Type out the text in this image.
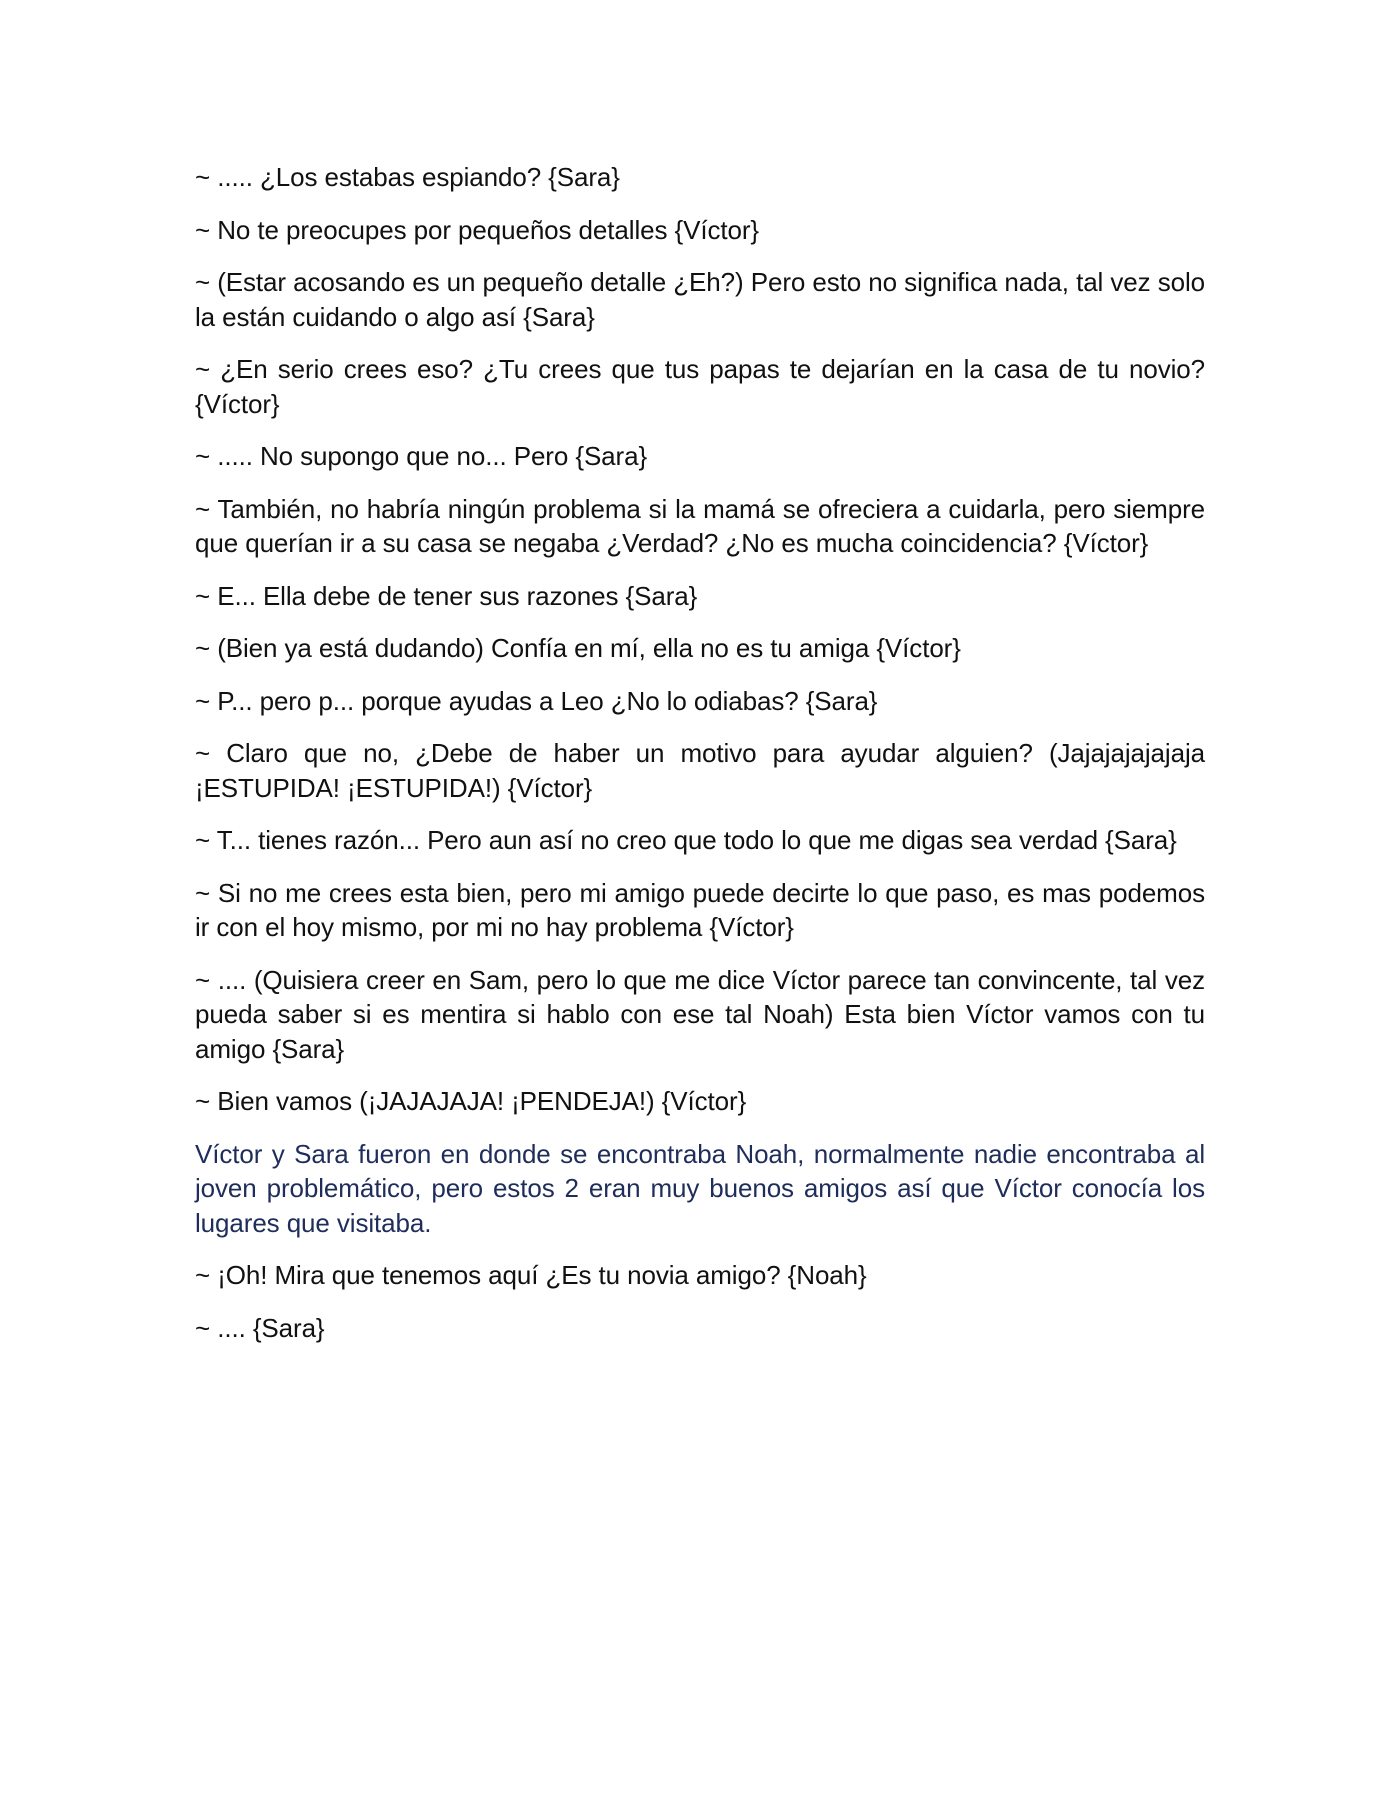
~ ..... ¿Los estabas espiando? {Sara}

~ No te preocupes por pequeños detalles {Víctor}

~ (Estar acosando es un pequeño detalle ¿Eh?) Pero esto no significa nada, tal vez solo la están cuidando o algo así {Sara}

~ ¿En serio crees eso? ¿Tu crees que tus papas te dejarían en la casa de tu novio? {Víctor}

~ ..... No supongo que no... Pero {Sara}

~ También, no habría ningún problema si la mamá se ofreciera a cuidarla, pero siempre que querían ir a su casa se negaba ¿Verdad? ¿No es mucha coincidencia? {Víctor}

~ E... Ella debe de tener sus razones {Sara}

~ (Bien ya está dudando) Confía en mí, ella no es tu amiga {Víctor}

~ P... pero p... porque ayudas a Leo ¿No lo odiabas? {Sara}

~ Claro que no, ¿Debe de haber un motivo para ayudar alguien? (Jajajajajajaja ¡ESTUPIDA! ¡ESTUPIDA!) {Víctor}

~ T... tienes razón... Pero aun así no creo que todo lo que me digas sea verdad {Sara}

~ Si no me crees esta bien, pero mi amigo puede decirte lo que paso, es mas podemos ir con el hoy mismo, por mi no hay problema {Víctor}

~ .... (Quisiera creer en Sam, pero lo que me dice Víctor parece tan convincente, tal vez pueda saber si es mentira si hablo con ese tal Noah) Esta bien Víctor vamos con tu amigo {Sara}

~ Bien vamos (¡JAJAJAJA! ¡PENDEJA!) {Víctor}

Víctor y Sara fueron en donde se encontraba Noah, normalmente nadie encontraba al joven problemático, pero estos 2 eran muy buenos amigos así que Víctor conocía los lugares que visitaba.

~ ¡Oh! Mira que tenemos aquí ¿Es tu novia amigo? {Noah}

~ .... {Sara}
